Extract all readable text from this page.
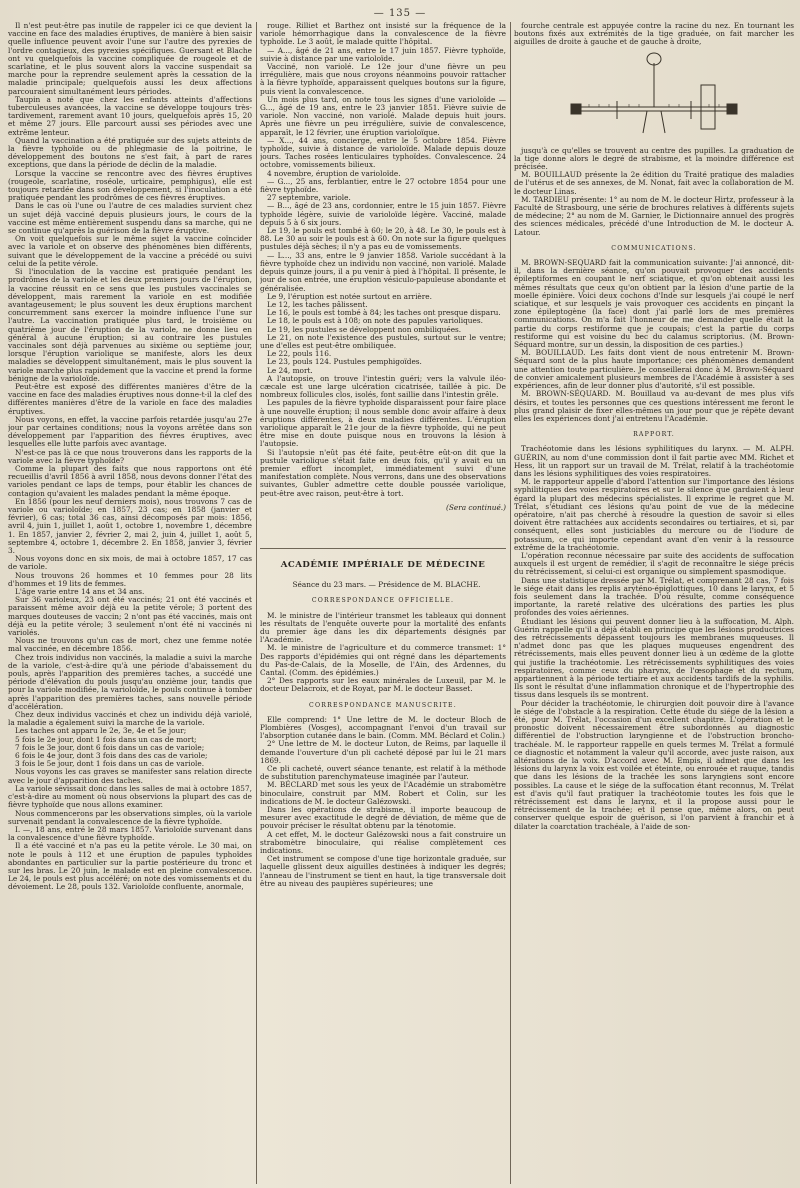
— 135 —

Il n'est peut-être pas inutile de rappeler ici ce que devient la vaccine en face des maladies éruptives, de manière à bien saisir quelle influence peuvent avoir l'une sur l'autre des pyrexies de l'ordre contagieux, des pyrexies spécifiques. Guersant et Blache ont vu quelquefois la vaccine compliquée de rougeole et de scarlatine, et le plus souvent alors la vaccine suspendait sa marche pour la reprendre seulement après la cessation de la maladie principale; quelquefois aussi les deux affections parcouraient simultanément leurs périodes.

Taupin a noté que chez les enfants atteints d'affections tuberculeuses avancées, la vaccine se développe toujours très-tardivement, rarement avant 10 jours, quelquefois après 15, 20 et même 27 jours. Elle parcourt aussi ses périodes avec une extrême lenteur.

Quand la vaccination a été pratiquée sur des sujets atteints de la fièvre typhoïde ou de phlegmasie de la poitrine, le développement des boutons ne s'est fait, à part de rares exceptions, que dans la période de déclin de la maladie.

Lorsque la vaccine se rencontre avec des fièvres éruptives (rougeole, scarlatine, roséole, urticaire, pemphigus), elle est toujours retardée dans son développement, si l'inoculation a été pratiquée pendant les prodrômes de ces fièvres éruptives.

Dans le cas où l'une ou l'autre de ces maladies survient chez un sujet déjà vacciné depuis plusieurs jours, le cours de la vaccine est même entièrement suspendu dans sa marche, qui ne se continue qu'après la guérison de la fièvre éruptive.

On voit quelquefois sur le même sujet la vaccine coïncider avec la variole et on observe des phénomènes bien différents, suivant que le développement de la vaccine a précédé ou suivi celui de la petite vérole.

Si l'inoculation de la vaccine est pratiquée pendant les prodrômes de la variole et les deux premiers jours de l'éruption, la vaccine réussit en ce sens que les pustules vaccinales se développent, mais rarement la variole en est modifiée avantageusement; le plus souvent les deux éruptions marchent concurremment sans exercer la moindre influence l'une sur l'autre. La vaccination pratiquée plus tard, le troisième ou quatrième jour de l'éruption de la variole, ne donne lieu en général à aucune éruption; si au contraire les pustules vaccinales sont déjà parvenues au sixième ou septième jour, lorsque l'éruption variolique se manifeste, alors les deux maladies se développent simultanément, mais le plus souvent la variole marche plus rapidement que la vaccine et prend la forme bénigne de la varioloïde.

Peut-être est exposé des différentes manières d'être de la vaccine en face des maladies éruptives nous donne-t-il la clef des différentes manières d'être de la variole en face des maladies éruptives.

Nous voyons, en effet, la vaccine parfois retardée jusqu'au 27e jour par certaines conditions; nous la voyons arrêtée dans son développement par l'apparition des fièvres éruptives, avec lesquelles elle lutte parfois avec avantage.

N'est-ce pas là ce que nous trouverons dans les rapports de la variole avec la fièvre typhoïde?

Comme la plupart des faits que nous rapportons ont été recueillis d'avril 1856 à avril 1858, nous devons donner l'état des varioles pendant ce laps de temps, pour établir les chances de contagion qu'avaient les malades pendant la même époque.

En 1856 (pour les neuf derniers mois), nous trouvons 7 cas de variole ou varioloïde; en 1857, 23 cas; en 1858 (janvier et février), 6 cas; total 36 cas, ainsi décomposés par mois: 1856, avril 4, juin 1, juillet 1, août 1, octobre 1, novembre 1, décembre 1. En 1857, janvier 2, février 2, mai 2, juin 4, juillet 1, août 5, septembre 4, octobre 1, décembre 2. En 1858, janvier 3, février 3.

Nous voyons donc en six mois, de mai à octobre 1857, 17 cas de variole.

Nous trouvons 26 hommes et 10 femmes pour 28 lits d'hommes et 19 lits de femmes.

L'âge varie entre 14 ans et 34 ans.

Sur 36 varioleux, 23 ont été vaccinés; 21 ont été vaccinés et paraissent même avoir déjà eu la petite vérole; 3 portent des marques douteuses de vaccin; 2 n'ont pas été vaccinés, mais ont déjà eu la petite vérole; 3 seulement n'ont été ni vaccinés ni variolés.

Nous ne trouvons qu'un cas de mort, chez une femme notée mal vaccinée, en décembre 1856.

Chez trois individus non vaccinés, la maladie a suivi la marche de la variole, c'est-à-dire qu'à une période d'abaissement du pouls, après l'apparition des premières taches, a succédé une période d'élévation du pouls jusqu'au onzième jour, tandis que pour la variole modifiée, la varioloïde, le pouls continue à tomber après l'apparition des premières taches, sans nouvelle période d'accélération.

Chez deux individus vaccinés et chez un individu déjà variolé, la maladie a également suivi la marche de la variole.

Les taches ont apparu le 2e, 3e, 4e et 5e jour;

5 fois le 2e jour, dont 1 fois dans un cas de mort;

7 fois le 3e jour, dont 6 fois dans un cas de variole;

6 fois le 4e jour, dont 3 fois dans des cas de variole;

3 fois le 5e jour, dont 1 fois dans un cas de variole.

Nous voyons les cas graves se manifester sans relation directe avec le jour d'apparition des taches.

La variole sévissait donc dans les salles de mai à octobre 1857, c'est-à-dire au moment où nous observions la plupart des cas de fièvre typhoïde que nous allons examiner.

Nous commencerons par les observations simples, où la variole survenait pendant la convalescence de la fièvre typhoïde.

I. —, 18 ans, entré le 28 mars 1857. Varioloïde survenant dans la convalescence d'une fièvre typhoïde.

Il a été vacciné et n'a pas eu la petite vérole. Le 30 mai, on note le pouls à 112 et une éruption de papules typhoïdes abondantes en particulier sur la partie postérieure du tronc et sur les bras. Le 20 juin, le malade est en pleine convalescence. Le 24, le pouls est plus accéléré; on note des vomissements et du dévoiement. Le 28, pouls 132. Varioloïde confluente, anormale,

rouge. Rilliet et Barthez ont insisté sur la fréquence de la variole hémorrhagique dans la convalescence de la fièvre typhoïde. Le 3 août, le malade quitte l'hôpital.

— A..., âgé de 21 ans, entre le 17 juin 1857. Fièvre typhoïde, suivie à distance par une varioloïde.

Vacciné, non variolé. Le 12e jour d'une fièvre un peu irrégulière, mais que nous croyons néanmoins pouvoir rattacher à la fièvre typhoïde, apparaissent quelques boutons sur la figure, puis vient la convalescence.

Un mois plus tard, on note tous les signes d'une varioloïde — G..., âgé de 19 ans, entre le 23 janvier 1851. Fièvre suivie de variole. Non vacciné, non variolé. Malade depuis huit jours. Après une fièvre un peu irrégulière, suivie de convalescence, apparaît, le 12 février, une éruption varioloïque.

— X..., 44 ans, concierge, entre le 5 octobre 1854. Fièvre typhoïde, suivie à distance de varioloïde. Malade depuis douze jours. Taches rosées lenticulaires typhoïdes. Convalescence. 24 octobre, vomissements bilieux.

4 novembre, éruption de varioloïde.

— G..., 25 ans, ferblantier, entre le 27 octobre 1854 pour une fièvre typhoïde.

27 septembre, variole.

— B..., âgé de 23 ans, cordonnier, entre le 15 juin 1857. Fièvre typhoïde légère, suivie de varioloïde légère. Vacciné, malade depuis 5 à 6 six jours.

Le 19, le pouls est tombé à 60; le 20, à 48. Le 30, le pouls est à 88. Le 30 au soir le pouls est à 60. On note sur la figure quelques pustules déjà sèches; il n'y a pas eu de vomissements.

— L..., 33 ans, entre le 9 janvier 1858. Variole succédant à la fièvre typhoïde chez un individu non vacciné, non variolé. Malade depuis quinze jours, il a pu venir à pied à l'hôpital. Il présente, le jour de son entrée, une éruption vésiculo-papuleuse abondante et généralisée.

Le 9, l'éruption est notée surtout en arrière.

Le 12, les taches pâlissent.

Le 16, le pouls est tombé à 84; les taches ont presque disparu.

Le 18, le pouls est à 108; on note des papules varioliques.

Le 19, les pustules se développent non ombiliquées.

Le 21, on note l'existence des pustules, surtout sur le ventre; une d'elles est peut-être ombiliquée.

Le 22, pouls 116.

Le 23, pouls 124. Pustules pemphigoïdes.

Le 24, mort.

A l'autopsie, on trouve l'intestin guéri; vers la valvule iléo-cæcale est une large ulcération cicatrisée, taillée à pic. De nombreux follicules clos, isolés, font saillie dans l'intestin grêle.

Les papules de la fièvre typhoïde disparaissent pour faire place à une nouvelle éruption; il nous semble donc avoir affaire à deux éruptions différentes, à deux maladies différentes. L'éruption variolique apparaît le 21e jour de la fièvre typhoïde, qui ne peut être mise en doute puisque nous en trouvons la lésion à l'autopsie.

Si l'autopsie n'eût pas été faite, peut-être eût-on dit que la pustule variolique s'était faite en deux fois, qu'il y avait eu un premier effort incomplet, immédiatement suivi d'une manifestation complète. Nous verrons, dans une des observations suivantes, Gubler admettre cette double poussée variolique, peut-être avec raison, peut-être à tort.

(Sera continué.)

ACADÉMIE IMPÉRIALE DE MÉDECINE

Séance du 23 mars. — Présidence de M. BLACHE.

CORRESPONDANCE OFFICIELLE.

M. le ministre de l'intérieur transmet les tableaux qui donnent les résultats de l'enquête ouverte pour la mortalité des enfants du premier âge dans les dix départements désignés par l'Académie.

M. le ministre de l'agriculture et du commerce transmet: 1° Des rapports d'épidémies qui ont régné dans les départements du Pas-de-Calais, de la Moselle, de l'Ain, des Ardennes, du Cantal. (Comm. des épidémies.)

2° Des rapports sur les eaux minérales de Luxeuil, par M. le docteur Delacroix, et de Royat, par M. le docteur Basset.

CORRESPONDANCE MANUSCRITE.

Elle comprend: 1° Une lettre de M. le docteur Bloch de Plombières (Vosges), accompagnant l'envoi d'un travail sur l'absorption cutanée dans le bain. (Comm. MM. Béclard et Colin.)

2° Une lettre de M. le docteur Luton, de Reims, par laquelle il demande l'ouverture d'un pli cacheté déposé par lui le 21 mars 1869.

Ce pli cacheté, ouvert séance tenante, est relatif à la méthode de substitution parenchymateuse imaginée par l'auteur.

M. BÉCLARD met sous les yeux de l'Académie un strabomètre binoculaire, construit par MM. Robert et Colin, sur les indications de M. le docteur Galézowski.

Dans les opérations de strabisme, il importe beaucoup de mesurer avec exactitude le degré de déviation, de même que de pouvoir préciser le résultat obtenu par la ténotomie.

A cet effet, M. le docteur Galézowski nous a fait construire un strabomètre binoculaire, qui réalise complètement ces indications.

Cet instrument se compose d'une tige horizontale graduée, sur laquelle glissent deux aiguilles destinées à indiquer les degrés; l'anneau de l'instrument se tient en haut, la tige transversale doit être au niveau des paupières supérieures; une

fourche centrale est appuyée contre la racine du nez. En tournant les boutons fixés aux extrémités de la tige graduée, on fait marcher les aiguilles de droite à gauche et de gauche à droite,

jusqu'à ce qu'elles se trouvent au centre des pupilles. La graduation de la tige donne alors le degré de strabisme, et la moindre différence est précisée.

M. BOUILLAUD présente la 2e édition du Traité pratique des maladies de l'utérus et de ses annexes, de M. Nonat, fait avec la collaboration de M. le docteur Linas.

M. TARDIEU présente: 1° au nom de M. le docteur Hirtz, professeur à la Faculté de Strasbourg, une série de brochures relatives à différents sujets de médecine; 2° au nom de M. Garnier, le Dictionnaire annuel des progrès des sciences médicales, précédé d'une Introduction de M. le docteur A. Latour.

COMMUNICATIONS.

M. BROWN-SEQUARD fait la communication suivante: J'ai annoncé, dit-il, dans la dernière séance, qu'on pouvait provoquer des accidents épileptiformes en coupant le nerf sciatique, et qu'on obtenait aussi les mêmes résultats que ceux qu'on obtient par la lésion d'une partie de la moelle épinière. Voici deux cochons d'Inde sur lesquels j'ai coupé le nerf sciatique, et sur lesquels je vais provoquer ces accidents en pinçant la zone épileptogène (la face) dont j'ai parlé lors de mes premières communications. On m'a fait l'honneur de me demander quelle était la partie du corps restiforme que je coupais; c'est la partie du corps restiforme qui est voisine du bec du calamus scriptorius. (M. Brown-Séquard montre, sur un dessin, la disposition de ces parties.)

M. BOUILLAUD. Les faits dont vient de nous entretenir M. Brown-Séquard sont de la plus haute importance; ces phénomènes demandent une attention toute particulière. Je conseillerai donc à M. Brown-Séquard de convier amicalement plusieurs membres de l'Académie à assister à ses expériences, afin de leur donner plus d'autorité, s'il est possible.

M. BROWN-SÉQUARD. M. Bouillaud va au-devant de mes plus vifs désirs, et toutes les personnes que ces questions intéressent me feront le plus grand plaisir de fixer elles-mêmes un jour pour que je répète devant elles les expériences dont j'ai entretenu l'Académie.

RAPPORT.

Trachéotomie dans les lésions syphilitiques du larynx. — M. ALPH. GUÉRIN, au nom d'une commission dont il fait partie avec MM. Richet et Hess, lit un rapport sur un travail de M. Trélat, relatif à la trachéotomie dans les lésions syphilitiques des voies respiratoires.

M. le rapporteur appelle d'abord l'attention sur l'importance des lésions syphilitiques des voies respiratoires et sur le silence que gardaient à leur égard la plupart des médecins spécialistes. Il exprime le regret que M. Trélat, s'étudiant ces lésions qu'au point de vue de la médecine opératoire, n'ait pas cherché à résoudre la question de savoir si elles doivent être rattachées aux accidents secondaires ou tertiaires, et si, par conséquent, elles sont justiciables du mercure ou de l'iodure de potassium, ce qui importe cependant avant d'en venir à la ressource extrême de la trachéotomie.

L'opération reconnue nécessaire par suite des accidents de suffocation auxquels il est urgent de remédier, il s'agit de reconnaître le siége précis du rétrécissement, si celui-ci est organique ou simplement spasmodique.

Dans une statistique dressée par M. Trélat, et comprenant 28 cas, 7 fois le siége était dans les replis aryténo-épiglottiques, 10 dans le larynx, et 5 fois seulement dans la trachée. D'où résulte, comme conséquence importante, la rareté relative des ulcérations des parties les plus profondes des voies aériennes.

Étudiant les lésions qui peuvent donner lieu à la suffocation, M. Alph. Guérin rappelle qu'il a déjà établi en principe que les lésions productrices des rétrécissements dépassent toujours les membranes muqueuses. Il n'admet donc pas que les plaques muqueuses engendrent des rétrécissements, mais elles peuvent donner lieu à un œdème de la glotte qui justifie la trachéotomie. Les rétrécissements syphilitiques des voies respiratoires, comme ceux du pharynx, de l'œsophage et du rectum, appartiennent à la période tertiaire et aux accidents tardifs de la syphilis. Ils sont le résultat d'une inflammation chronique et de l'hypertrophie des tissus dans lesquels ils se montrent.

Pour décider la trachéotomie, le chirurgien doit pouvoir dire à l'avance le siége de l'obstacle à la respiration. Cette étude du siége de la lésion a été, pour M. Trélat, l'occasion d'un excellent chapitre. L'opération et le pronostic doivent nécessairement être subordonnés au diagnostic différentiel de l'obstruction laryngienne et de l'obstruction broncho-trachéale. M. le rapporteur rappelle en quels termes M. Trélat a formulé ce diagnostic et notamment la valeur qu'il accorde, avec juste raison, aux altérations de la voix. D'accord avec M. Empis, il admet que dans les lésions du larynx la voix est voilée et éteinte, ou enrouée et rauque, tandis que dans les lésions de la trachée les sons laryngiens sont encore possibles. La cause et le siége de la suffocation étant reconnus, M. Trélat est d'avis qu'il faut pratiquer la trachéotomie toutes les fois que le rétrécissement est dans le larynx, et il la propose aussi pour le rétrécissement de la trachée; et il pense que, même alors, on peut conserver quelque espoir de guérison, si l'on parvient à franchir et à dilater la coarctation trachéale, à l'aide de son-
